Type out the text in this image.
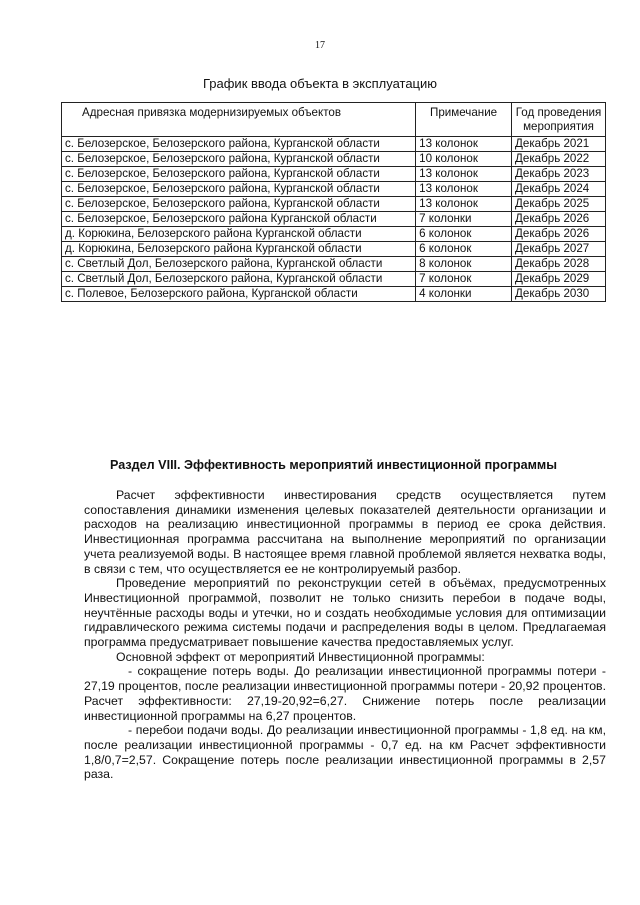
17
График ввода объекта в эксплуатацию
Адресная привязка модернизируемых объектов	Примечание	Год проведения мероприятия
с. Белозерское, Белозерского района, Курганской области	13 колонок	Декабрь 2021
с. Белозерское, Белозерского района, Курганской области	10 колонок	Декабрь 2022
с. Белозерское, Белозерского района, Курганской области	13 колонок	Декабрь 2023
с. Белозерское, Белозерского района, Курганской области	13 колонок	Декабрь 2024
с. Белозерское, Белозерского района, Курганской области	13 колонок	Декабрь 2025
с. Белозерское, Белозерского района Курганской области	7 колонки	Декабрь 2026
д. Корюкина, Белозерского района Курганской области	6 колонок	Декабрь 2026
д. Корюкина, Белозерского района Курганской области	6 колонок	Декабрь 2027
с. Светлый Дол, Белозерского района, Курганской области	8 колонок	Декабрь 2028
с. Светлый Дол, Белозерского района, Курганской области	7 колонок	Декабрь 2029
с. Полевое, Белозерского района, Курганской области	4 колонки	Декабрь 2030
Раздел VIII. Эффективность мероприятий инвестиционной программы

Расчет эффективности инвестирования средств осуществляется путем сопоставления динамики изменения целевых показателей деятельности организации и расходов на реализацию инвестиционной программы в период ее срока действия. Инвестиционная программа рассчитана на выполнение мероприятий по организации учета реализуемой воды. В настоящее время главной проблемой является нехватка воды, в связи с тем, что осуществляется ее не контролируемый разбор.

Проведение мероприятий по реконструкции сетей в объёмах, предусмотренных Инвестиционной программой, позволит не только снизить перебои в подаче воды, неучтённые расходы воды и утечки, но и создать необходимые условия для оптимизации гидравлического режима системы подачи и распределения воды в целом. Предлагаемая программа предусматривает повышение качества предоставляемых услуг.

Основной эффект от мероприятий Инвестиционной программы:

- сокращение потерь воды. До реализации инвестиционной программы потери - 27,19 процентов, после реализации инвестиционной программы потери - 20,92 процентов. Расчет эффективности: 27,19-20,92=6,27. Снижение потерь после реализации инвестиционной программы на 6,27 процентов.

- перебои подачи воды. До реализации инвестиционной программы - 1,8 ед. на км, после реализации инвестиционной программы - 0,7 ед. на км Расчет эффективности 1,8/0,7=2,57. Сокращение потерь после реализации инвестиционной программы в 2,57 раза.
